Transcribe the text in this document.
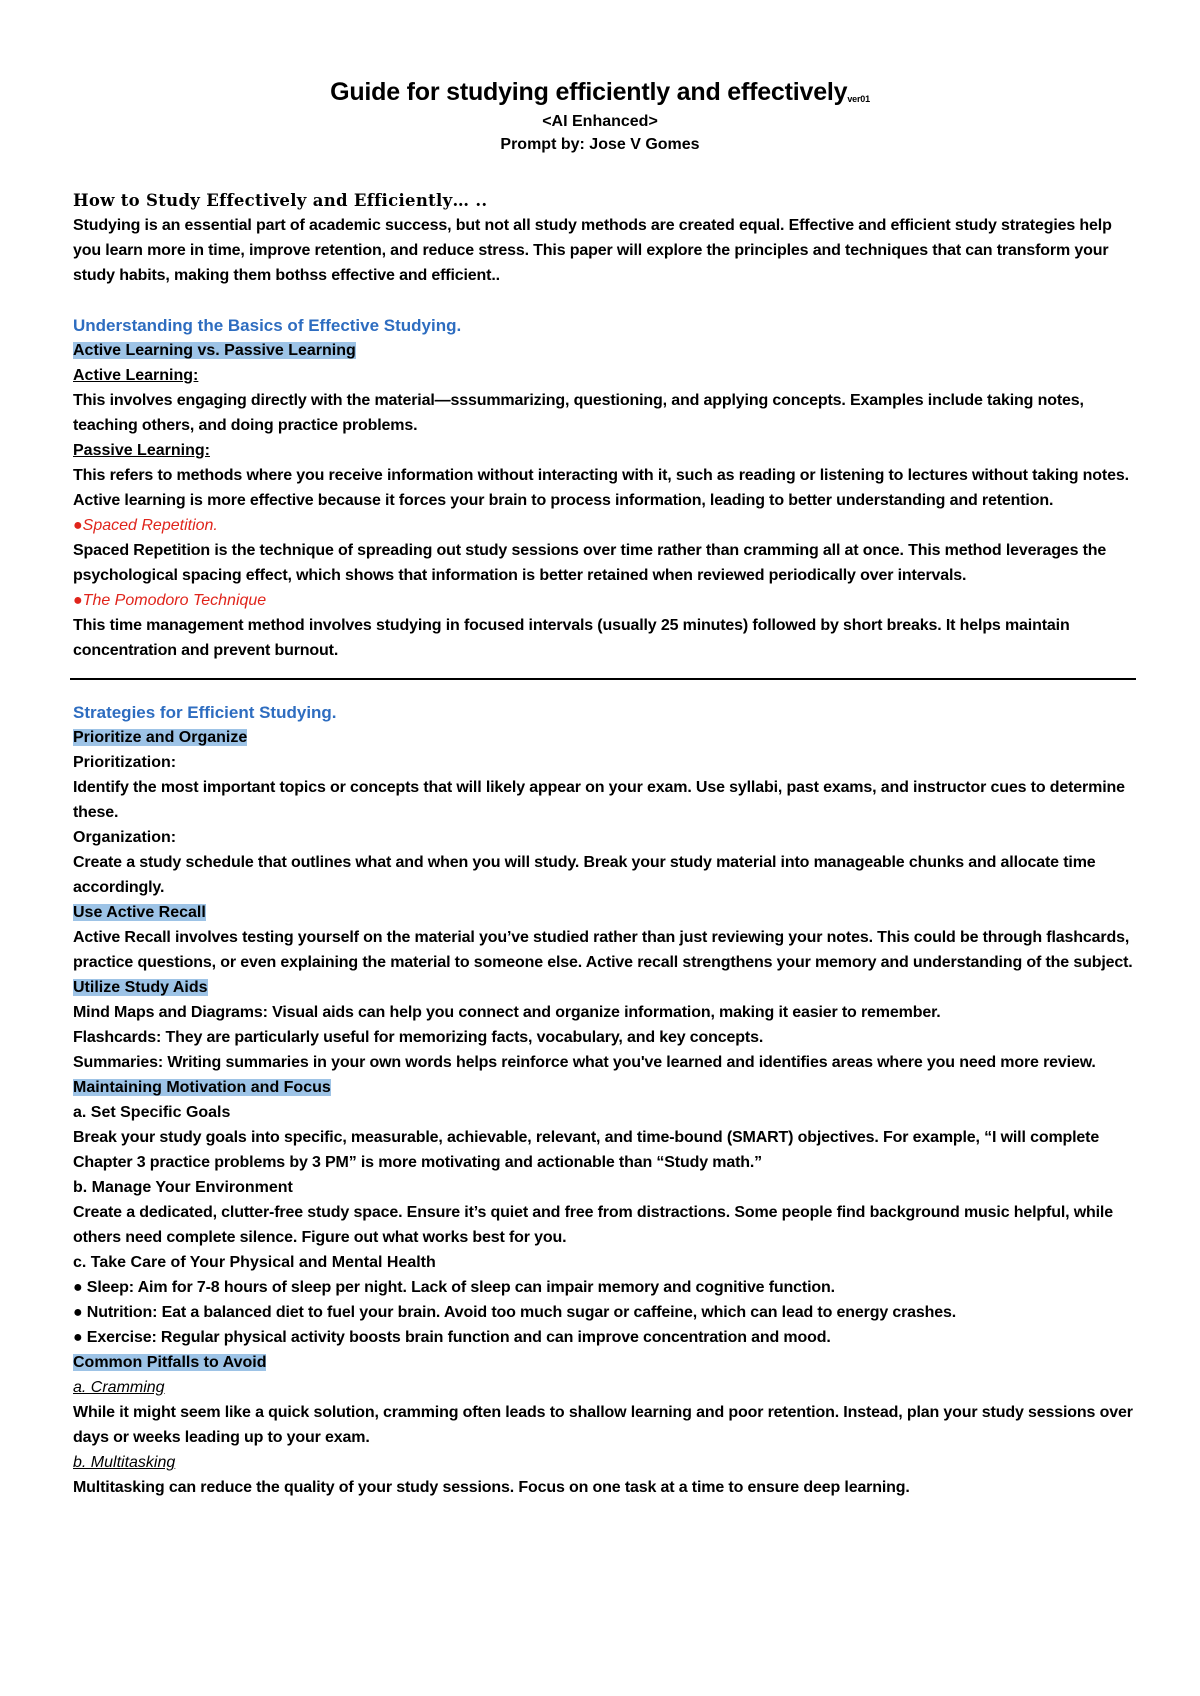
Guide for studying efficiently and effectivelyver01
<AI Enhanced>
Prompt by: Jose V Gomes

How to Study Effectively and Efficiently… ..

Studying is an essential part of academic success, but not all study methods are created equal. Effective and efficient study strategies help you learn more in time, improve retention, and reduce stress. This paper will explore the principles and techniques that can transform your study habits, making them bothss effective and efficient..

Understanding the Basics of Effective Studying.

Active Learning vs. Passive Learning

Active Learning:

This involves engaging directly with the material—sssummarizing, questioning, and applying concepts. Examples include taking notes, teaching others, and doing practice problems.

Passive Learning:

This refers to methods where you receive information without interacting with it, such as reading or listening to lectures without taking notes. Active learning is more effective because it forces your brain to process information, leading to better understanding and retention.

●Spaced Repetition.

Spaced Repetition is the technique of spreading out study sessions over time rather than cramming all at once. This method leverages the psychological spacing effect, which shows that information is better retained when reviewed periodically over intervals.

●The Pomodoro Technique

This time management method involves studying in focused intervals (usually 25 minutes) followed by short breaks. It helps maintain concentration and prevent burnout.

Strategies for Efficient Studying.

Prioritize and Organize

Prioritization:

Identify the most important topics or concepts that will likely appear on your exam. Use syllabi, past exams, and instructor cues to determine these.

Organization:

Create a study schedule that outlines what and when you will study. Break your study material into manageable chunks and allocate time accordingly.

Use Active Recall

Active Recall involves testing yourself on the material you’ve studied rather than just reviewing your notes. This could be through flashcards, practice questions, or even explaining the material to someone else. Active recall strengthens your memory and understanding of the subject.

Utilize Study Aids

Mind Maps and Diagrams: Visual aids can help you connect and organize information, making it easier to remember.

Flashcards: They are particularly useful for memorizing facts, vocabulary, and key concepts.

Summaries: Writing summaries in your own words helps reinforce what you've learned and identifies areas where you need more review.

Maintaining Motivation and Focus

a. Set Specific Goals

Break your study goals into specific, measurable, achievable, relevant, and time-bound (SMART) objectives. For example, “I will complete Chapter 3 practice problems by 3 PM” is more motivating and actionable than “Study math.”

b. Manage Your Environment

Create a dedicated, clutter-free study space. Ensure it’s quiet and free from distractions. Some people find background music helpful, while others need complete silence. Figure out what works best for you.

c. Take Care of Your Physical and Mental Health

● Sleep: Aim for 7-8 hours of sleep per night. Lack of sleep can impair memory and cognitive function.

● Nutrition: Eat a balanced diet to fuel your brain. Avoid too much sugar or caffeine, which can lead to energy crashes.

● Exercise: Regular physical activity boosts brain function and can improve concentration and mood.

Common Pitfalls to Avoid

a. Cramming

While it might seem like a quick solution, cramming often leads to shallow learning and poor retention. Instead, plan your study sessions over days or weeks leading up to your exam.

b. Multitasking

Multitasking can reduce the quality of your study sessions. Focus on one task at a time to ensure deep learning.
